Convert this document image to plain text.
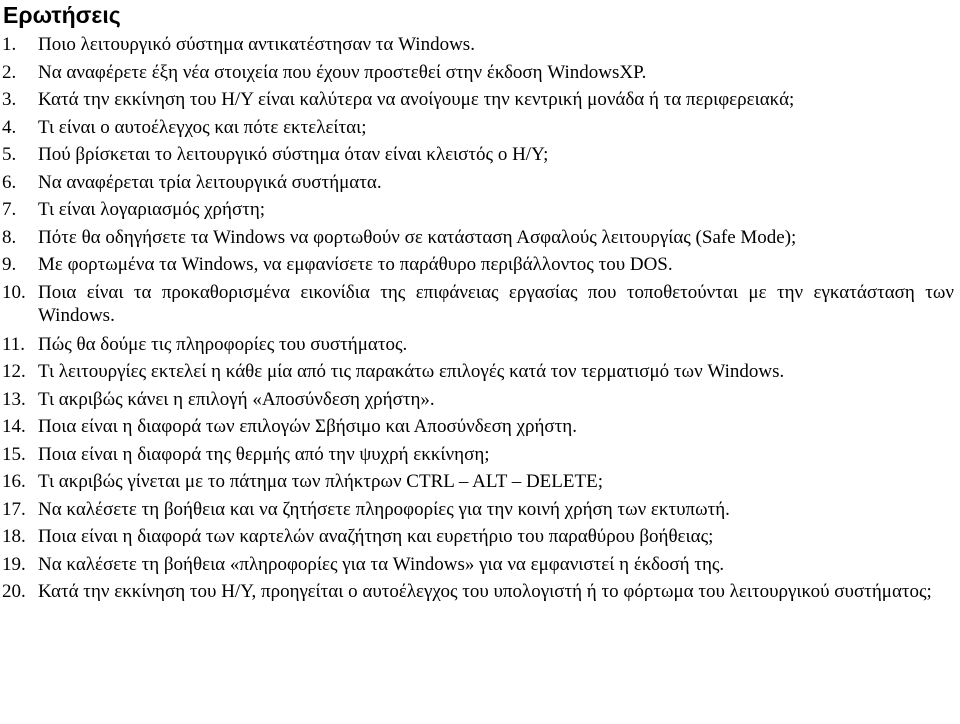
Ερωτήσεις
1.	Ποιο λειτουργικό σύστημα αντικατέστησαν τα Windows.
2.	Να αναφέρετε έξη νέα στοιχεία που έχουν προστεθεί στην έκδοση WindowsXP.
3.	Κατά την εκκίνηση του Η/Υ είναι καλύτερα να ανοίγουμε την κεντρική μονάδα ή τα περιφερειακά;
4.	Τι είναι ο αυτοέλεγχος και πότε εκτελείται;
5.	Πού βρίσκεται το λειτουργικό σύστημα όταν είναι κλειστός ο Η/Υ;
6.	Να αναφέρεται τρία λειτουργικά συστήματα.
7.	Τι είναι λογαριασμός χρήστη;
8.	Πότε θα οδηγήσετε τα Windows να φορτωθούν σε κατάσταση Ασφαλούς λειτουργίας (Safe Mode);
9.	Με φορτωμένα τα Windows, να εμφανίσετε το παράθυρο περιβάλλοντος του DOS.
10. Ποια είναι τα προκαθορισμένα εικονίδια της επιφάνειας εργασίας που τοποθετούνται με την εγκατάσταση των Windows.
11. Πώς θα δούμε τις πληροφορίες του συστήματος.
12. Τι λειτουργίες εκτελεί η κάθε μία από τις παρακάτω επιλογές κατά τον τερματισμό των Windows.
13. Τι ακριβώς κάνει η επιλογή «Αποσύνδεση χρήστη».
14. Ποια είναι η διαφορά των επιλογών Σβήσιμο και Αποσύνδεση χρήστη.
15. Ποια είναι η διαφορά της θερμής από την ψυχρή εκκίνηση;
16. Τι ακριβώς γίνεται με το πάτημα των πλήκτρων CTRL – ALT – DELETE;
17. Να καλέσετε τη βοήθεια και να ζητήσετε πληροφορίες για την κοινή χρήση των εκτυπωτή.
18. Ποια είναι η διαφορά των καρτελών αναζήτηση και ευρετήριο του παραθύρου βοήθειας;
19. Να καλέσετε τη βοήθεια «πληροφορίες για τα Windows» για να εμφανιστεί η έκδοσή της.
20. Κατά την εκκίνηση του Η/Υ, προηγείται ο αυτοέλεγχος του υπολογιστή ή το φόρτωμα του λειτουργικού συστήματος;
